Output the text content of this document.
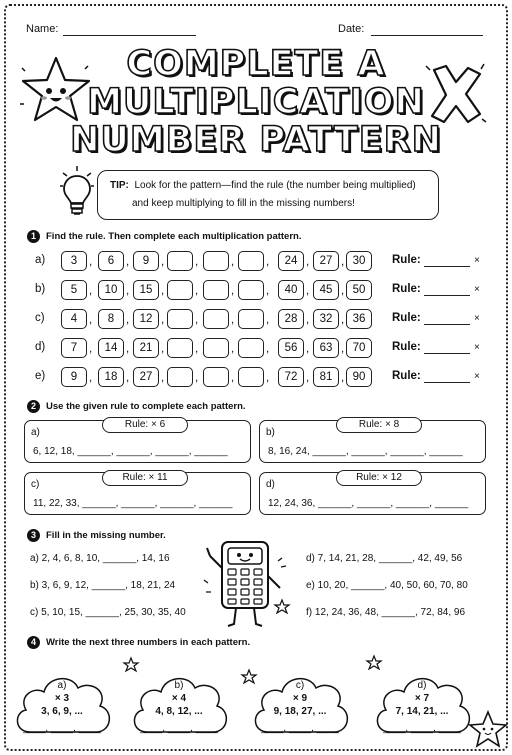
Name:	Date:
COMPLETE A
MULTIPLICATION
NUMBER PATTERN
TIP: Look for the pattern—find the rule (the number being multiplied)
and keep multiplying to fill in the missing numbers!
1	Find the rule. Then complete each multiplication pattern.
a)	3	,	6	,	9	,	,	,	,	24 , 27 , 30	Rule:	×
b)	5	,	10 , 15 ,	,	,	,	40 , 45 , 50	Rule:	×
c)	4	,	8	, 12 ,	,	,	,	28 , 32 , 36	Rule:	×
d)	7	,	14 , 21 ,	,	,	,	56 , 63 , 70	Rule:	×
e)	9	,	18 , 27 ,	,	,	,	72 , 81 , 90	Rule:	×
2	Use the given rule to complete each pattern.
a)
6, 12, 18, ______, ______, ______, ______
Rule: × 6
b)
8, 16, 24, ______, ______, ______, ______
Rule: × 8
c)
11, 22, 33, ______, ______, ______, ______
Rule: × 11
d)
12, 24, 36, ______, ______, ______, ______
Rule: × 12
3	Fill in the missing number.
a) 2, 4, 6, 8, 10, ______, 14, 16
b) 3, 6, 9, 12, ______, 18, 21, 24
c) 5, 10, 15, ______, 25, 30, 35, 40
d) 7, 14, 21, 28, ______, 42, 49, 56
e) 10, 20, ______, 40, 50, 60, 70, 80
f) 12, 24, 36, 48, ______, 72, 84, 96
4	Write the next three numbers in each pattern.
a)
× 3
3, 6, 9, ...
____, ____, ____
b)
× 4
4, 8, 12, ...
____, ____, ____
c)
× 9
9, 18, 27, ...
____, ____, ____
d)
× 7
7, 14, 21, ...
____, ____, ____
